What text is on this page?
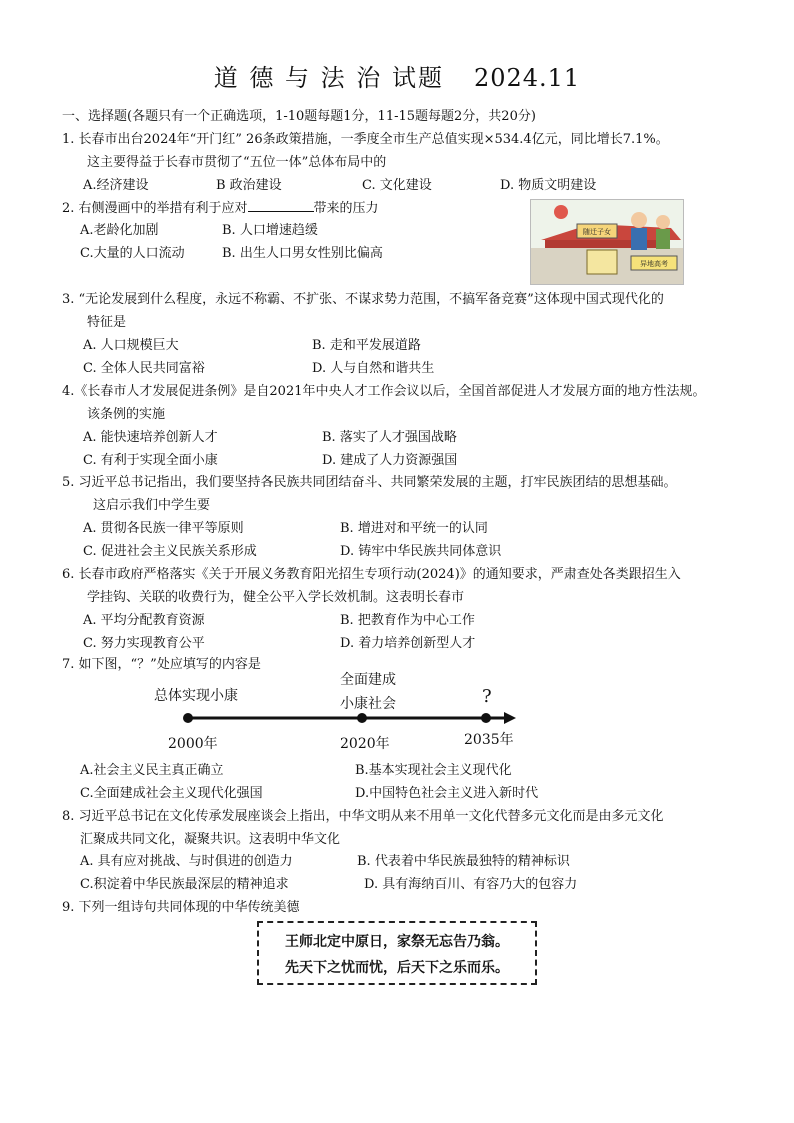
道 德 与 法 治 试题 2024.11
一、选择题(各题只有一个正确选项，1-10题每题1分，11-15题每题2分，共20分)
1. 长春市出台2024年“开门红” 26条政策措施，一季度全市生产总值实现×534.4亿元，同比增长7.1%。
这主要得益于长春市贯彻了“五位一体”总体布局中的
A.经济建设	B 政治建设	C. 文化建设	D. 物质文明建设
2. 右侧漫画中的举措有利于应对	带来的压力
A.老龄化加剧	B. 人口增速趋缓
C.大量的人口流动	B. 出生人口男女性别比偏高
随迁子女
异地高考
3. “无论发展到什么程度，永远不称霸、不扩张、不谋求势力范围，不搞军备竞赛”这体现中国式现代化的
特征是
A. 人口规模巨大	B. 走和平发展道路
C. 全体人民共同富裕	D. 人与自然和谐共生
4.《长春市人才发展促进条例》是自2021年中央人才工作会议以后，全国首部促进人才发展方面的地方性法规。
该条例的实施
A. 能快速培养创新人才	B. 落实了人才强国战略
C. 有利于实现全面小康	D. 建成了人力资源强国
5. 习近平总书记指出，我们要坚持各民族共同团结奋斗、共同繁荣发展的主题，打牢民族团结的思想基础。
这启示我们中学生要
A. 贯彻各民族一律平等原则	B. 增进对和平统一的认同
C. 促进社会主义民族关系形成	D. 铸牢中华民族共同体意识
6. 长春市政府严格落实《关于开展义务教育阳光招生专项行动(2024)》的通知要求，严肃查处各类跟招生入
学挂钩、关联的收费行为，健全公平入学长效机制。这表明长春市
A. 平均分配教育资源	B. 把教育作为中心工作
C. 努力实现教育公平	D. 着力培养创新型人才
7. 如下图，“？”处应填写的内容是
总体实现小康
全面建成
小康社会	?
2000年	2020年	2035年
A.社会主义民主真正确立	B.基本实现社会主义现代化
C.全面建成社会主义现代化强国	D.中国特色社会主义进入新时代
8. 习近平总书记在文化传承发展座谈会上指出，中华文明从来不用单一文化代替多元文化而是由多元文化
汇聚成共同文化，凝聚共识。这表明中华文化
A. 具有应对挑战、与时俱进的创造力	B. 代表着中华民族最独特的精神标识
C.积淀着中华民族最深层的精神追求	D. 具有海纳百川、有容乃大的包容力
9. 下列一组诗句共同体现的中华传统美德
王师北定中原日，家祭无忘告乃翁。
先天下之忧而忧，后天下之乐而乐。
